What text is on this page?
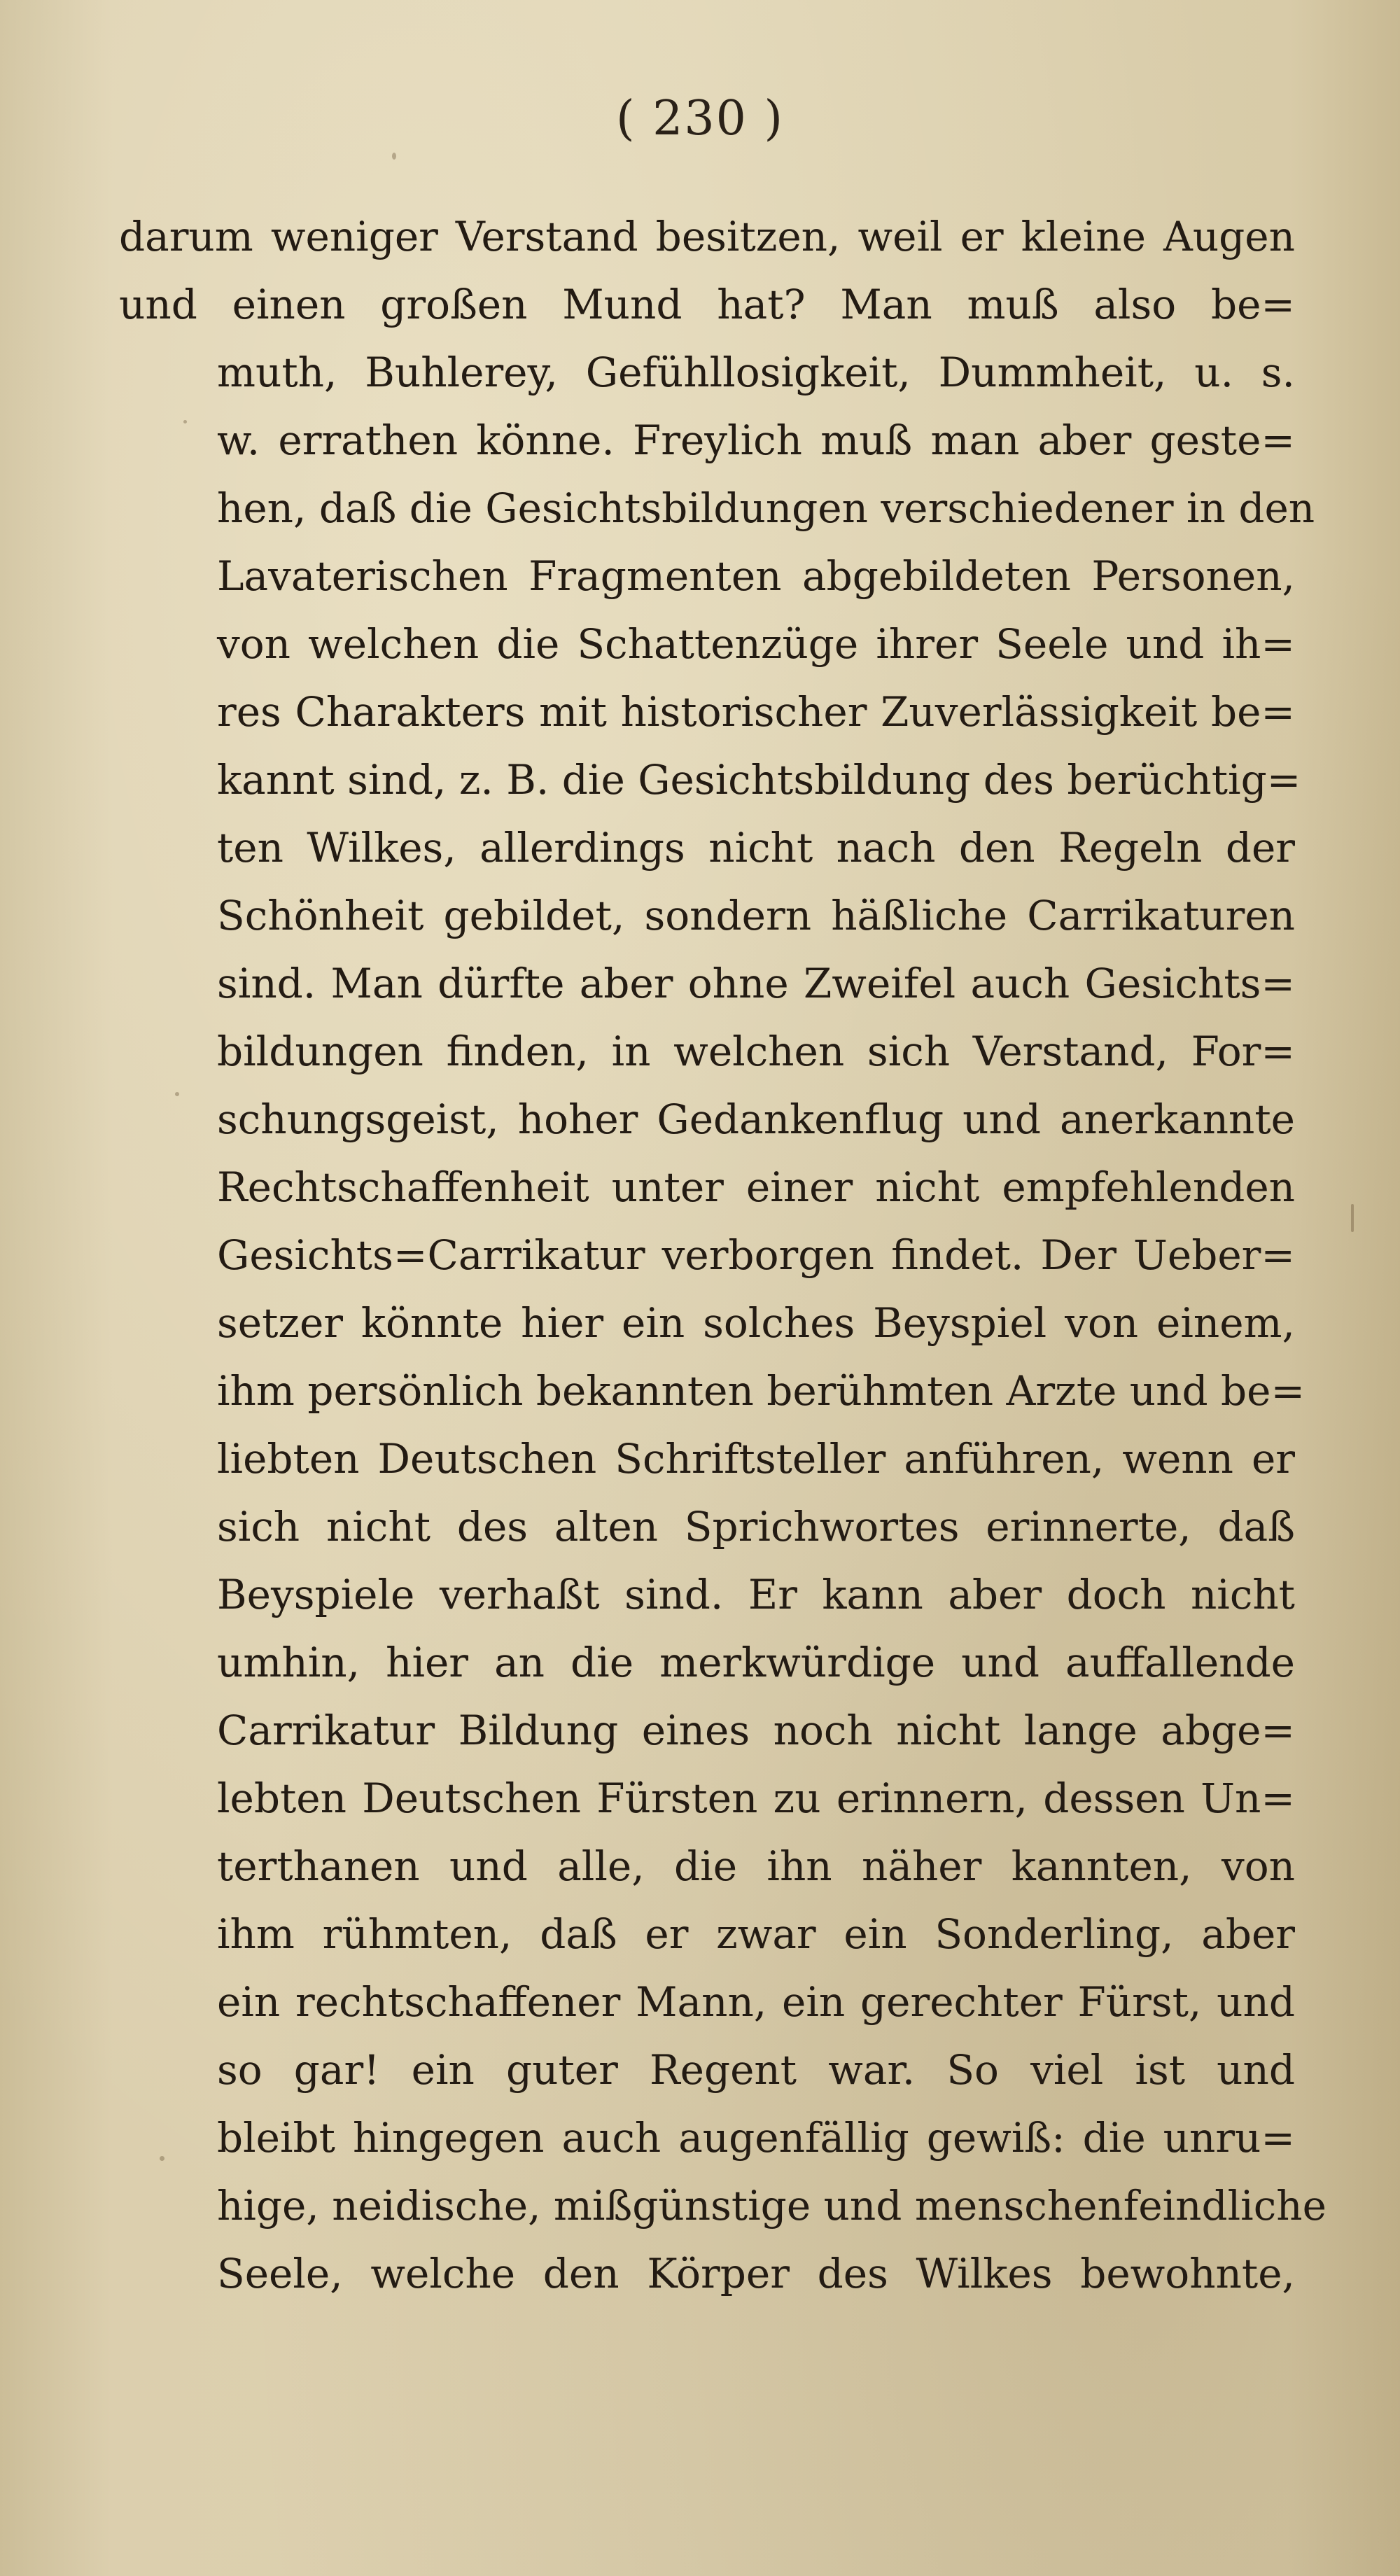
( 230 )
darum weniger Verstand besitzen, weil er kleine Augen
und einen großen Mund hat? Man muß also be=
muth, Buhlerey, Gefühllosigkeit, Dummheit, u. s.
w. errathen könne. Freylich muß man aber geste=
hen, daß die Gesichtsbildungen verschiedener in den
Lavaterischen Fragmenten abgebildeten Personen,
von welchen die Schattenzüge ihrer Seele und ih=
res Charakters mit historischer Zuverlässigkeit be=
kannt sind, z. B. die Gesichtsbildung des berüchtig=
ten Wilkes, allerdings nicht nach den Regeln der
Schönheit gebildet, sondern häßliche Carrikaturen
sind. Man dürfte aber ohne Zweifel auch Gesichts=
bildungen finden, in welchen sich Verstand, For=
schungsgeist, hoher Gedankenflug und anerkannte
Rechtschaffenheit unter einer nicht empfehlenden
Gesichts=Carrikatur verborgen findet. Der Ueber=
setzer könnte hier ein solches Beyspiel von einem,
ihm persönlich bekannten berühmten Arzte und be=
liebten Deutschen Schriftsteller anführen, wenn er
sich nicht des alten Sprichwortes erinnerte, daß
Beyspiele verhaßt sind. Er kann aber doch nicht
umhin, hier an die merkwürdige und auffallende
Carrikatur Bildung eines noch nicht lange abge=
lebten Deutschen Fürsten zu erinnern, dessen Un=
terthanen und alle, die ihn näher kannten, von
ihm rühmten, daß er zwar ein Sonderling, aber
ein rechtschaffener Mann, ein gerechter Fürst, und
so gar! ein guter Regent war. So viel ist und
bleibt hingegen auch augenfällig gewiß: die unru=
hige, neidische, mißgünstige und menschenfeindliche
Seele, welche den Körper des Wilkes bewohnte,
